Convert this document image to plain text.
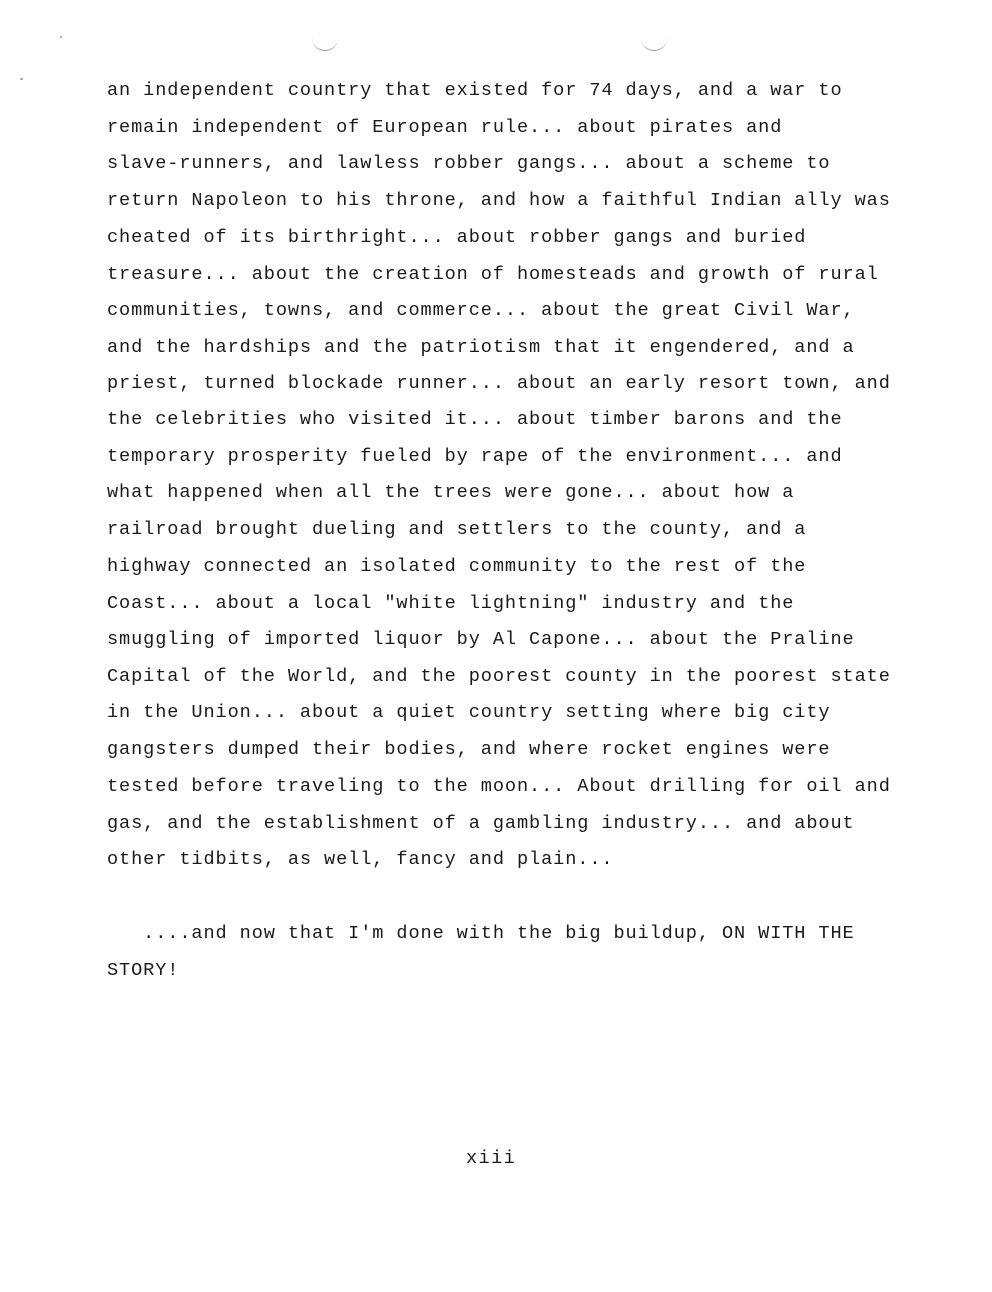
an independent country that existed for 74 days, and a war to

remain independent of European rule... about pirates and

slave-runners, and lawless robber gangs... about a scheme to

return Napoleon to his throne, and how a faithful Indian ally was

cheated of its birthright... about robber gangs and buried

treasure... about the creation of homesteads and growth of rural

communities, towns, and commerce... about the great Civil War,

and the hardships and the patriotism that it engendered, and a

priest, turned blockade runner... about an early resort town, and

the celebrities who visited it... about timber barons and the

temporary prosperity fueled by rape of the environment... and

what happened when all the trees were gone... about how a

railroad brought dueling and settlers to the county, and a

highway connected an isolated community to the rest of the

Coast... about a local "white lightning" industry and the

smuggling of imported liquor by Al Capone... about the Praline

Capital of the World, and the poorest county in the poorest state

in the Union... about a quiet country setting where big city

gangsters dumped their bodies, and where rocket engines were

tested before traveling to the moon... About drilling for oil and

gas, and the establishment of a gambling industry... and about

other tidbits, as well, fancy and plain...

....and now that I'm done with the big buildup, ON WITH THE

STORY!

xiii
